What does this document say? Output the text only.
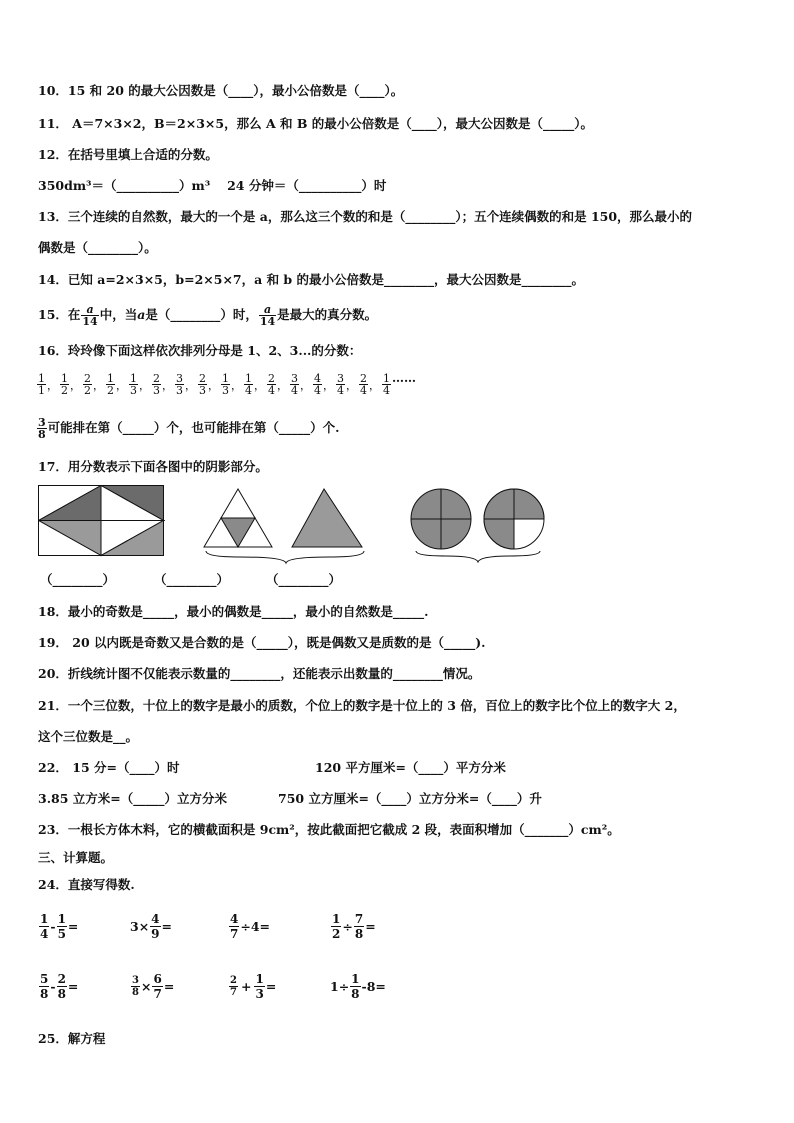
10．15 和 20 的最大公因数是（____），最小公倍数是（____）。
11． A＝7×3×2，B＝2×3×5，那么 A 和 B 的最小公倍数是（____），最大公因数是（_____）。
12．在括号里填上合适的分数。
350dm³＝（__________）m³　 24 分钟＝（__________）时
13．三个连续的自然数，最大的一个是 a，那么这三个数的和是（________）；五个连续偶数的和是 150，那么最小的
偶数是（________）。
14．已知 a=2×3×5，b=2×5×7，a 和 b 的最小公倍数是________，最大公因数是________。
15．在 $\frac{a}{14}$ 中，当a是（________）时， $\frac{a}{14}$ 是最大的真分数。
16．玲玲像下面这样依次排列分母是 1、2、3...的分数：
$\frac{1}{1}$ ， $\frac{1}{2}$ ， $\frac{2}{2}$ ， $\frac{1}{2}$ ， $\frac{1}{3}$ ， $\frac{2}{3}$ ， $\frac{3}{3}$ ， $\frac{2}{3}$ ， $\frac{1}{3}$ ， $\frac{1}{4}$ ， $\frac{2}{4}$ ， $\frac{3}{4}$ ， $\frac{4}{4}$ ， $\frac{3}{4}$ ， $\frac{2}{4}$ ， $\frac{1}{4}$ ……
$\frac{3}{8}$ 可能排在第（_____）个，也可能排在第（_____）个.
17．用分数表示下面各图中的阴影部分。
（________）	（________）	（________）
18．最小的奇数是_____，最小的偶数是_____，最小的自然数是_____.
19． 20 以内既是奇数又是合数的是（_____），既是偶数又是质数的是（_____).
20．折线统计图不仅能表示数量的________，还能表示出数量的________情况。
21．一个三位数，十位上的数字是最小的质数，个位上的数字是十位上的 3 倍，百位上的数字比个位上的数字大 2，
这个三位数是__。
22． 15 分=（____）时	120 平方厘米=（____）平方分米
3.85 立方米=（_____）立方分米	750 立方厘米=（____）立方分米=（____）升
23．一根长方体木料，它的横截面积是 9cm²，按此截面把它截成 2 段，表面积增加（_______）cm²。
三、计算题。
24．直接写得数.
$\frac{1}{4} - \frac{1}{5}$ =	$3\times \frac{4}{9}$ =	$\frac{4}{7} \div 4=$	$\frac{1}{2} \div \frac{7}{8}$ =
$\frac{5}{8} - \frac{2}{8}$ =	$\frac{3}{8} \times \frac{6}{7}$ =	$\frac{2}{7} + \frac{1}{3}$ =	$1\div \frac{1}{8} -8=$
25．解方程
